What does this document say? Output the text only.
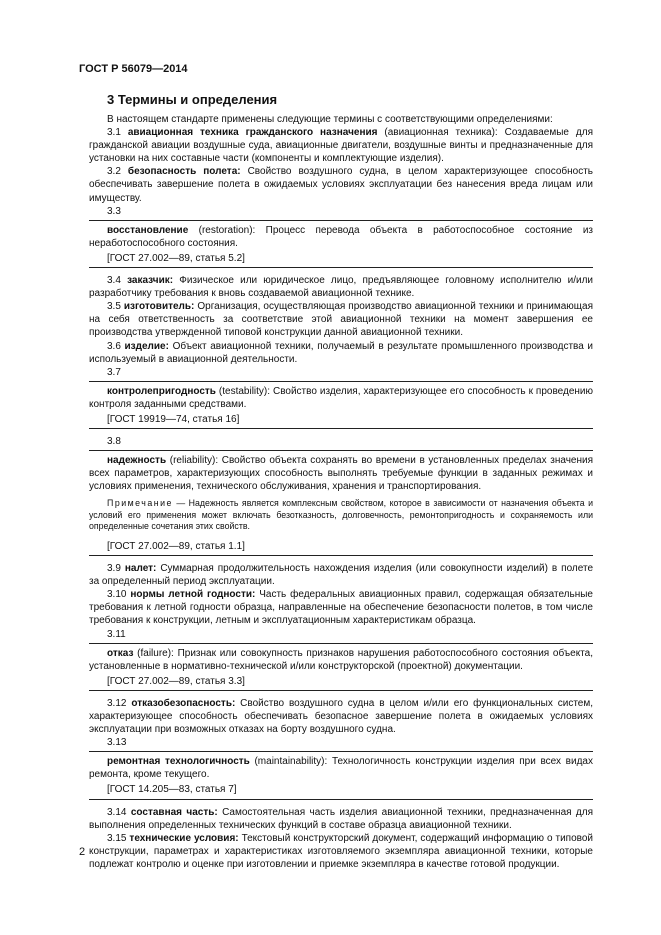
ГОСТ Р 56079—2014
3 Термины и определения

В настоящем стандарте применены следующие термины с соответствующими определениями:

3.1 авиационная техника гражданского назначения (авиационная техника): Создаваемые для гражданской авиации воздушные суда, авиационные двигатели, воздушные винты и предназначенные для установки на них составные части (компоненты и комплектующие изделия).

3.2 безопасность полета: Свойство воздушного судна, в целом характеризующее способность обеспечивать завершение полета в ожидаемых условиях эксплуатации без нанесения вреда лицам или имуществу.

3.3

восстановление (restoration): Процесс перевода объекта в работоспособное состояние из неработоспособного состояния.

[ГОСТ 27.002—89, статья 5.2]

3.4 заказчик: Физическое или юридическое лицо, предъявляющее головному исполнителю и/или разработчику требования к вновь создаваемой авиационной технике.

3.5 изготовитель: Организация, осуществляющая производство авиационной техники и принимающая на себя ответственность за соответствие этой авиационной техники на момент завершения ее производства утвержденной типовой конструкции данной авиационной техники.

3.6 изделие: Объект авиационной техники, получаемый в результате промышленного производства и используемый в авиационной деятельности.

3.7

контролепригодность (testability): Свойство изделия, характеризующее его способность к проведению контроля заданными средствами.

[ГОСТ 19919—74, статья 16]
3.8

надежность (reliability): Свойство объекта сохранять во времени в установленных пределах значения всех параметров, характеризующих способность выполнять требуемые функции в заданных режимах и условиях применения, технического обслуживания, хранения и транспортирования.

Примечание — Надежность является комплексным свойством, которое в зависимости от назначения объекта и условий его применения может включать безотказность, долговечность, ремонтопригодность и сохраняемость или определенные сочетания этих свойств.
[ГОСТ 27.002—89, статья 1.1]

3.9 налет: Суммарная продолжительность нахождения изделия (или совокупности изделий) в полете за определенный период эксплуатации.

3.10 нормы летной годности: Часть федеральных авиационных правил, содержащая обязательные требования к летной годности образца, направленные на обеспечение безопасности полетов, в том числе требования к конструкции, летным и эксплуатационным характеристикам образца.

3.11

отказ (failure): Признак или совокупность признаков нарушения работоспособного состояния объекта, установленные в нормативно-технической и/или конструкторской (проектной) документации.

[ГОСТ 27.002—89, статья 3.3]

3.12 отказобезопасность: Свойство воздушного судна в целом и/или его функциональных систем, характеризующее способность обеспечивать безопасное завершение полета в ожидаемых условиях эксплуатации при возможных отказах на борту воздушного судна.

3.13

ремонтная технологичность (maintainability): Технологичность конструкции изделия при всех видах ремонта, кроме текущего.

[ГОСТ 14.205—83, статья 7]

3.14 составная часть: Самостоятельная часть изделия авиационной техники, предназначенная для выполнения определенных технических функций в составе образца авиационной техники.

3.15 технические условия: Текстовый конструкторский документ, содержащий информацию о типовой конструкции, параметрах и характеристиках изготовляемого экземпляра авиационной техники, которые подлежат контролю и оценке при изготовлении и приемке экземпляра в качестве готовой продукции.

2
